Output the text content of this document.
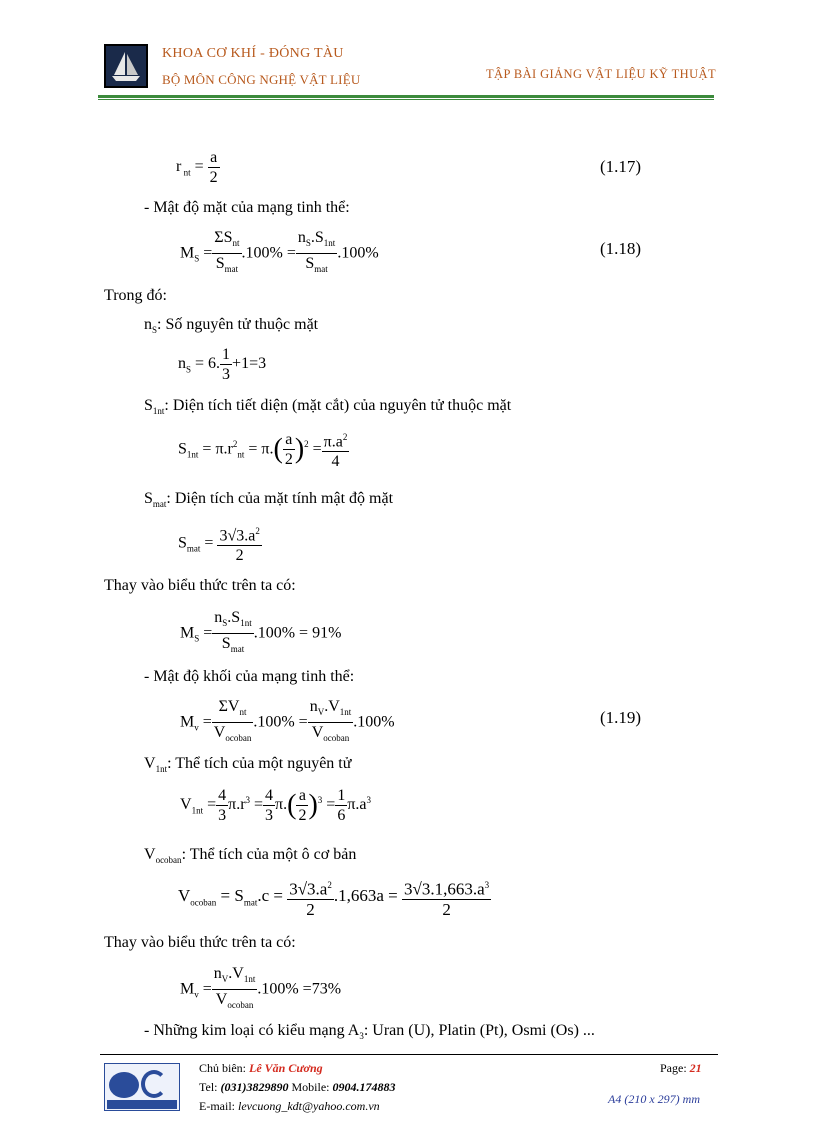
KHOA CƠ KHÍ - ĐÓNG TÀU
BỘ MÔN CÔNG NGHỆ VẬT LIỆU	TẬP BÀI GIẢNG VẬT LIỆU KỸ THUẬT
r $_{nt} = \frac{a}{2}$	(1.17)
- Mật độ mặt của mạng tinh thể:
$M_S$ =
$\Sigma S_{nt}$
$S_{mat}$
.100% =
$n_S.S_{1nt}$
$S_{mat}$
.100%	(1.18)
Trong đó:
$n_S$: Số nguyên tử thuộc mặt
$n_S = 6$. $\frac{1}{3} +1=3$
$S_{1nt}$: Diện tích tiết diện (mặt cắt) của nguyên tử thuộc mặt
$S_{1nt} = \pi.r^2_{nt} = \pi.( \frac{a}{2} )^2 = \frac{\pi.a^2}{4}$
$S_{mat}$: Diện tích của mặt tính mật độ mặt
$S_{mat} = \frac{3√3.a^2}{2}$
Thay vào biểu thức trên ta có:
$M_S$ =
$n_S.S_{1nt}$
$S_{mat}$
.100% = 91%
- Mật độ khối của mạng tinh thể:
$M_v$ =
$\Sigma V_{nt}$
$V_{ocoban}$
.100% =
$n_V.V_{1nt}$
$V_{ocoban}$
.100%	(1.19)
$V_{1nt}$: Thể tích của một nguyên tử
$V_{1nt} = \frac{4}{3} \pi.r^3 = \frac{4}{3} \pi.( \frac{a}{2} )^3 = \frac{1}{6} \pi.a^3$
$V_{ocoban}$: Thể tích của một ô cơ bản
$V_{ocoban} = S_{mat}.c = \frac{3√3.a^2}{2} .1,663a = \frac{3√3.1,663.a^3}{2}$
Thay vào biểu thức trên ta có:
$M_v$ =
$n_V.V_{1nt}$
$V_{ocoban}$
.100% =73%
- Những kim loại có kiểu mạng $A_3$: Uran (U), Platin (Pt), Osmi (Os) ...
Chủ biên: Lê Văn Cương
Tel: (031)3829890 Mobile: 0904.174883
E-mail: levcuong_kdt@yahoo.com.vn
Page: 21
A4 (210 x 297) mm
